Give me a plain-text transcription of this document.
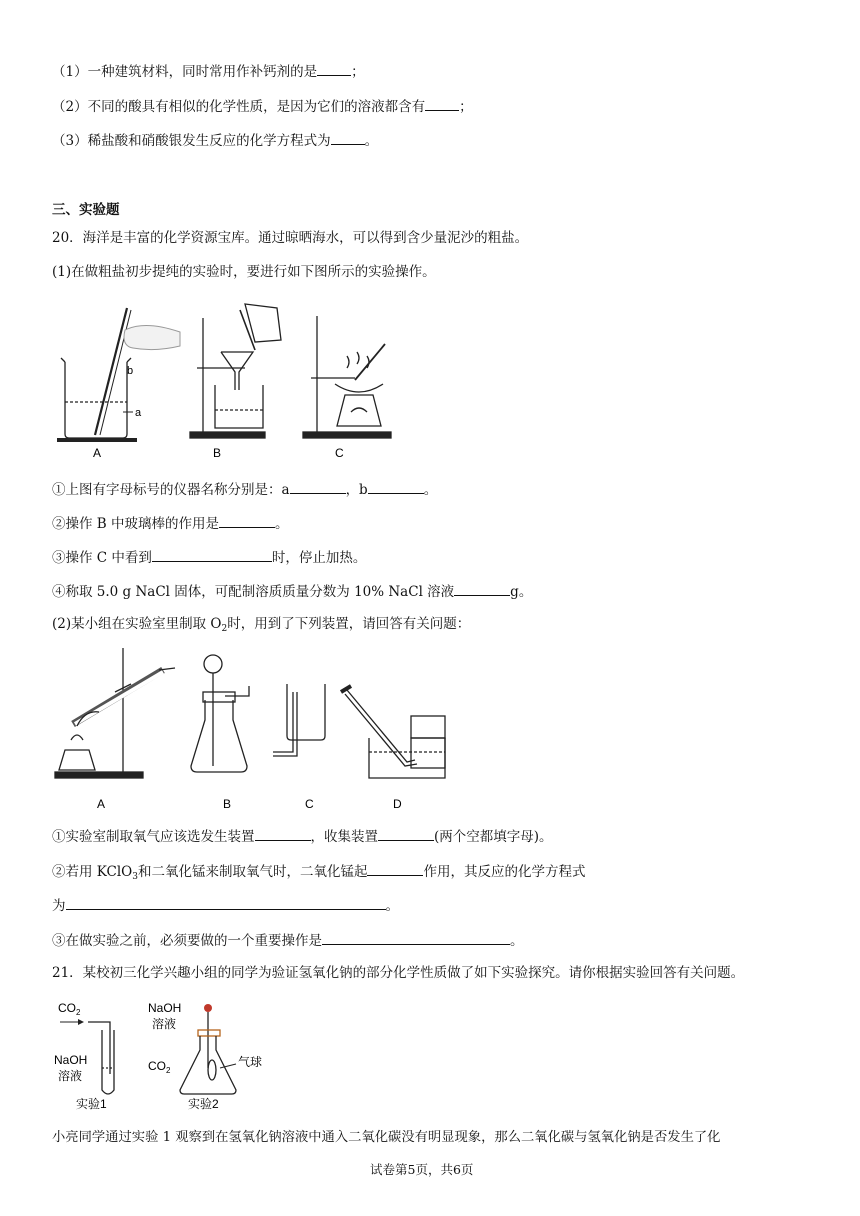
（1）一种建筑材料，同时常用作补钙剂的是	；
（2）不同的酸具有相似的化学性质，是因为它们的溶液都含有	；
（3）稀盐酸和硝酸银发生反应的化学方程式为	。
三、实验题
20．海洋是丰富的化学资源宝库。通过晾晒海水，可以得到含少量泥沙的粗盐。
(1)在做粗盐初步提纯的实验时，要进行如下图所示的实验操作。
b
a
A	B	C
①上图有字母标号的仪器名称分别是：a	，b	。
②操作 B 中玻璃棒的作用是	。
③操作 C 中看到	时，停止加热。
④称取 5.0 g NaCl 固体，可配制溶质质量分数为 10% NaCl 溶液	g。
(2)某小组在实验室里制取 $O_2$时，用到了下列装置，请回答有关问题：
A	B	C	D
①实验室制取氧气应该选发生装置	，收集装置	(两个空都填字母)。
②若用 KClO$_3$和二氧化锰来制取氧气时，二氧化锰起	作用，其反应的化学方程式
为	。
③在做实验之前，必须要做的一个重要操作是	。
21．某校初三化学兴趣小组的同学为验证氢氧化钠的部分化学性质做了如下实验探究。请你根据实验回答有关问题。
$CO_2$
NaOH
溶液
实验1
NaOH
溶液
$CO_2$
气球
实验2
小亮同学通过实验 1 观察到在氢氧化钠溶液中通入二氧化碳没有明显现象，那么二氧化碳与氢氧化钠是否发生了化
试卷第5页，共6页
